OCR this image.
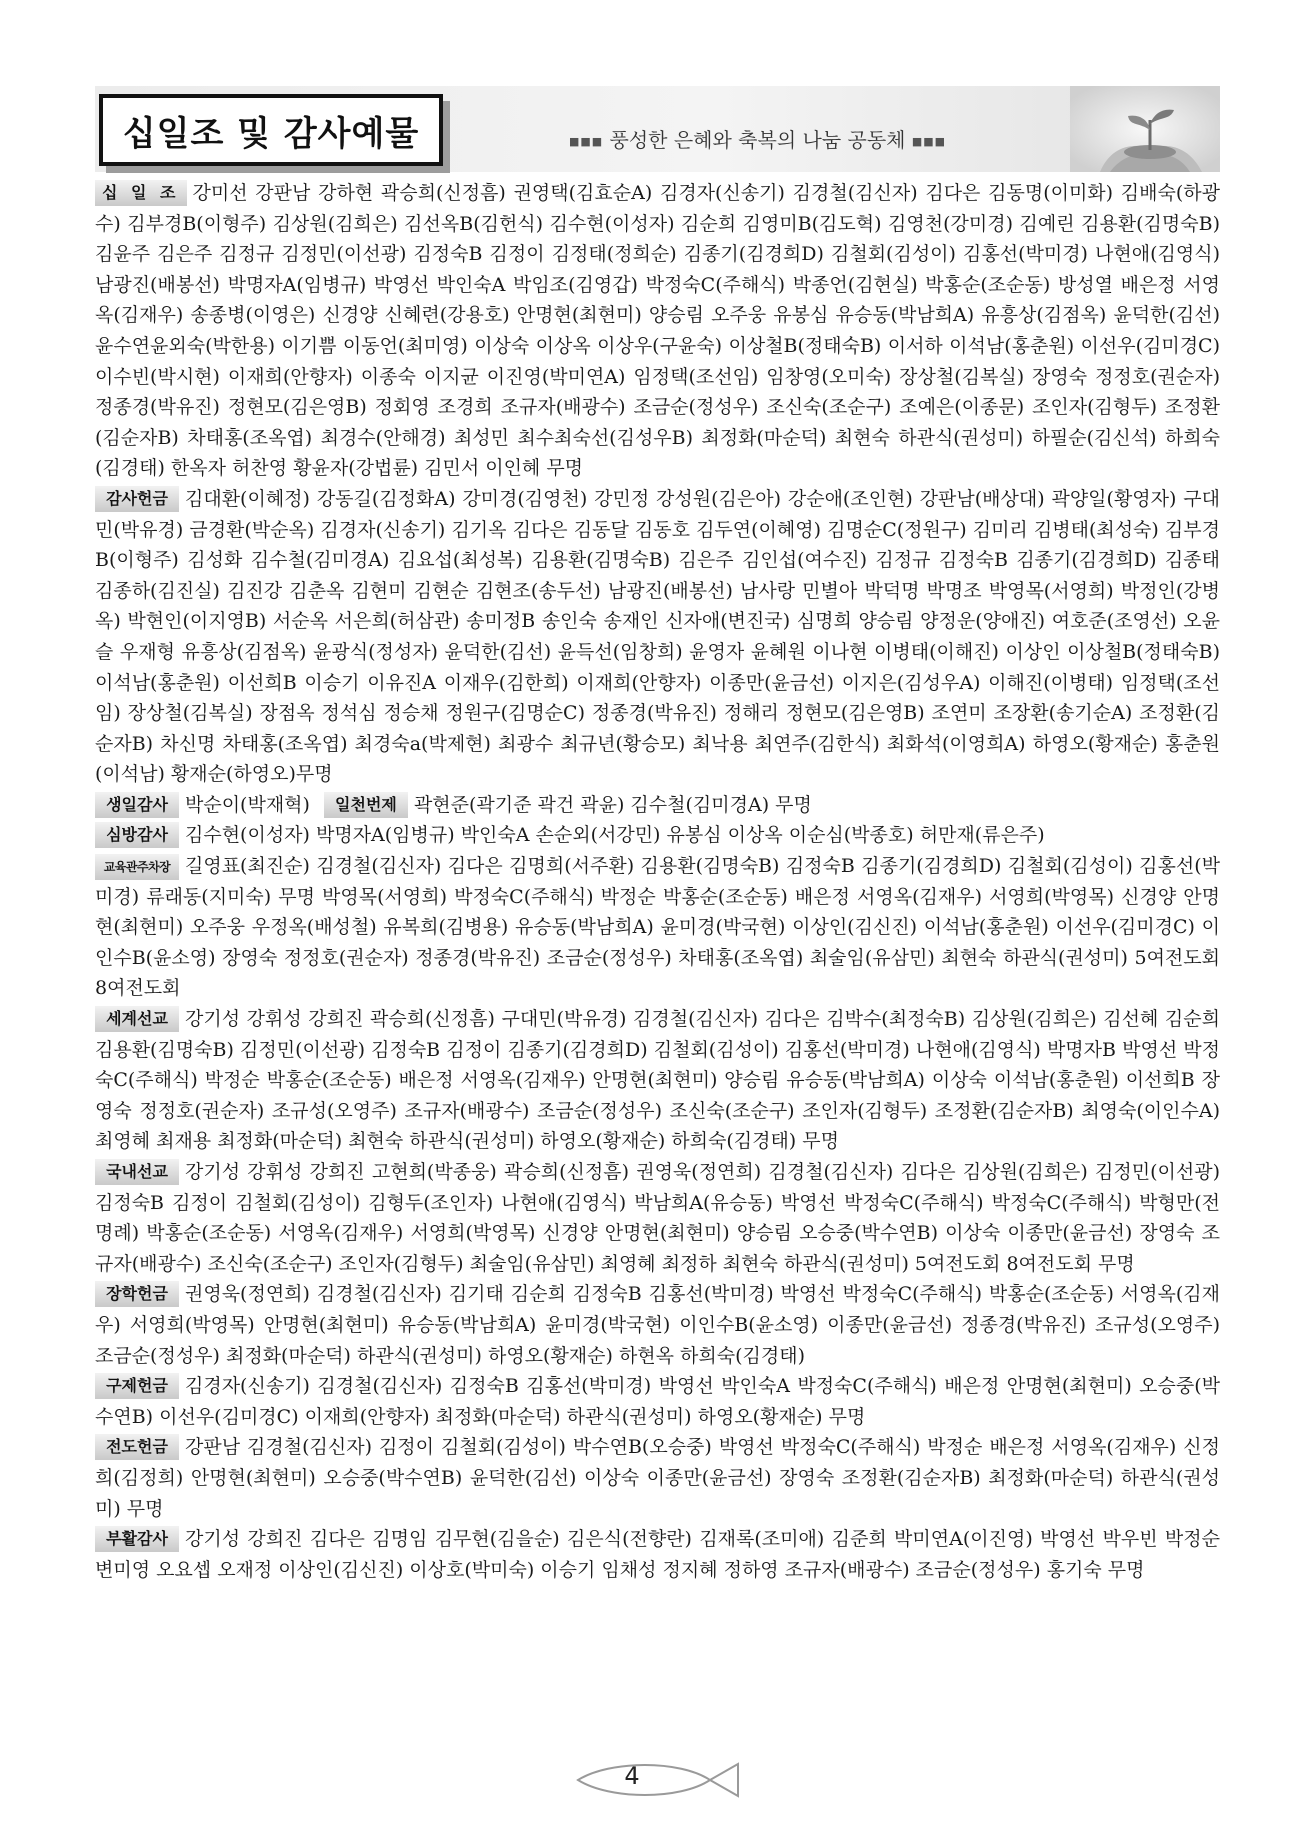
십일조 및 감사예물	■■■ 풍성한 은혜와 축복의 나눔 공동체 ■■■

십 일 조 강미선 강판남 강하현 곽승희(신정흠) 권영택(김효순A) 김경자(신송기) 김경철(김신자) 김다은 김동명(이미화) 김배숙(하광수) 김부경B(이형주) 김상원(김희은) 김선옥B(김헌식) 김수현(이성자) 김순희 김영미B(김도혁) 김영천(강미경) 김예린 김용환(김명숙B) 김윤주 김은주 김정규 김정민(이선광) 김정숙B 김정이 김정태(정희순) 김종기(김경희D) 김철회(김성이) 김홍선(박미경) 나현애(김영식) 남광진(배봉선) 박명자A(임병규) 박영선 박인숙A 박임조(김영갑) 박정숙C(주해식) 박종언(김현실) 박홍순(조순동) 방성열 배은정 서영옥(김재우) 송종병(이영은) 신경양 신혜련(강용호) 안명현(최현미) 양승림 오주웅 유봉심 유승동(박남희A) 유흥상(김점옥) 윤덕한(김선) 윤수연윤외숙(박한용) 이기쁨 이동언(최미영) 이상숙 이상옥 이상우(구윤숙) 이상철B(정태숙B) 이서하 이석남(홍춘원) 이선우(김미경C) 이수빈(박시현) 이재희(안향자) 이종숙 이지균 이진영(박미연A) 임정택(조선임) 임창영(오미숙) 장상철(김복실) 장영숙 정정호(권순자) 정종경(박유진) 정현모(김은영B) 정회영 조경희 조규자(배광수) 조금순(정성우) 조신숙(조순구) 조예은(이종문) 조인자(김형두) 조정환(김순자B) 차태홍(조옥엽) 최경수(안해경) 최성민 최수최숙선(김성우B) 최정화(마순덕) 최현숙 하관식(권성미) 하필순(김신석) 하희숙(김경태) 한옥자 허찬영 황윤자(강법륜) 김민서 이인혜 무명

감사헌금 김대환(이혜정) 강동길(김정화A) 강미경(김영천) 강민정 강성원(김은아) 강순애(조인현) 강판남(배상대) 곽양일(황영자) 구대민(박유경) 금경환(박순옥) 김경자(신송기) 김기옥 김다은 김동달 김동호 김두연(이혜영) 김명순C(정원구) 김미리 김병태(최성숙) 김부경B(이형주) 김성화 김수철(김미경A) 김요섭(최성복) 김용환(김명숙B) 김은주 김인섭(여수진) 김정규 김정숙B 김종기(김경희D) 김종태 김종하(김진실) 김진강 김춘옥 김현미 김현순 김현조(송두선) 남광진(배봉선) 남사랑 민별아 박덕명 박명조 박영목(서영희) 박정인(강병옥) 박현인(이지영B) 서순옥 서은희(허삼관) 송미정B 송인숙 송재인 신자애(변진국) 심명희 양승림 양정운(양애진) 여호준(조영선) 오윤슬 우재형 유흥상(김점옥) 윤광식(정성자) 윤덕한(김선) 윤득선(임창희) 윤영자 윤혜원 이나현 이병태(이해진) 이상인 이상철B(정태숙B) 이석남(홍춘원) 이선희B 이승기 이유진A 이재우(김한희) 이재희(안향자) 이종만(윤금선) 이지은(김성우A) 이해진(이병태) 임정택(조선임) 장상철(김복실) 장점옥 정석심 정승채 정원구(김명순C) 정종경(박유진) 정해리 정현모(김은영B) 조연미 조장환(송기순A) 조정환(김순자B) 차신명 차태홍(조옥엽) 최경숙a(박제현) 최광수 최규년(황승모) 최낙용 최연주(김한식) 최화석(이영희A) 하영오(황재순) 홍춘원(이석남) 황재순(하영오)무명

생일감사 박순이(박재혁) 일천번제 곽현준(곽기준 곽건 곽윤) 김수철(김미경A) 무명

심방감사 김수현(이성자) 박명자A(임병규) 박인숙A 손순외(서강민) 유봉심 이상옥 이순심(박종호) 허만재(류은주)

교육관주차장 길영표(최진순) 김경철(김신자) 김다은 김명희(서주환) 김용환(김명숙B) 김정숙B 김종기(김경희D) 김철회(김성이) 김홍선(박미경) 류래동(지미숙) 무명 박영목(서영희) 박정숙C(주해식) 박정순 박홍순(조순동) 배은정 서영옥(김재우) 서영희(박영목) 신경양 안명현(최현미) 오주웅 우정옥(배성철) 유복희(김병용) 유승동(박남희A) 윤미경(박국현) 이상인(김신진) 이석남(홍춘원) 이선우(김미경C) 이인수B(윤소영) 장영숙 정정호(권순자) 정종경(박유진) 조금순(정성우) 차태홍(조옥엽) 최술임(유삼민) 최현숙 하관식(권성미) 5여전도회 8여전도회

세계선교 강기성 강휘성 강희진 곽승희(신정흠) 구대민(박유경) 김경철(김신자) 김다은 김박수(최정숙B) 김상원(김희은) 김선혜 김순희 김용환(김명숙B) 김정민(이선광) 김정숙B 김정이 김종기(김경희D) 김철회(김성이) 김홍선(박미경) 나현애(김영식) 박명자B 박영선 박정숙C(주해식) 박정순 박홍순(조순동) 배은정 서영옥(김재우) 안명현(최현미) 양승림 유승동(박남희A) 이상숙 이석남(홍춘원) 이선희B 장영숙 정정호(권순자) 조규성(오영주) 조규자(배광수) 조금순(정성우) 조신숙(조순구) 조인자(김형두) 조정환(김순자B) 최영숙(이인수A) 최영혜 최재용 최정화(마순덕) 최현숙 하관식(권성미) 하영오(황재순) 하희숙(김경태) 무명

국내선교 강기성 강휘성 강희진 고현희(박종웅) 곽승희(신정흠) 권영욱(정연희) 김경철(김신자) 김다은 김상원(김희은) 김정민(이선광) 김정숙B 김정이 김철회(김성이) 김형두(조인자) 나현애(김영식) 박남희A(유승동) 박영선 박정숙C(주해식) 박정숙C(주해식) 박형만(전명례) 박홍순(조순동) 서영옥(김재우) 서영희(박영목) 신경양 안명현(최현미) 양승림 오승중(박수연B) 이상숙 이종만(윤금선) 장영숙 조규자(배광수) 조신숙(조순구) 조인자(김형두) 최술임(유삼민) 최영혜 최정하 최현숙 하관식(권성미) 5여전도회 8여전도회 무명

장학헌금 권영욱(정연희) 김경철(김신자) 김기태 김순희 김정숙B 김홍선(박미경) 박영선 박정숙C(주해식) 박홍순(조순동) 서영옥(김재우) 서영희(박영목) 안명현(최현미) 유승동(박남희A) 윤미경(박국현) 이인수B(윤소영) 이종만(윤금선) 정종경(박유진) 조규성(오영주) 조금순(정성우) 최정화(마순덕) 하관식(권성미) 하영오(황재순) 하현옥 하희숙(김경태)

구제헌금 김경자(신송기) 김경철(김신자) 김정숙B 김홍선(박미경) 박영선 박인숙A 박정숙C(주해식) 배은정 안명현(최현미) 오승중(박수연B) 이선우(김미경C) 이재희(안향자) 최정화(마순덕) 하관식(권성미) 하영오(황재순) 무명

전도헌금 강판남 김경철(김신자) 김정이 김철회(김성이) 박수연B(오승중) 박영선 박정숙C(주해식) 박정순 배은정 서영옥(김재우) 신정희(김정희) 안명현(최현미) 오승중(박수연B) 윤덕한(김선) 이상숙 이종만(윤금선) 장영숙 조정환(김순자B) 최정화(마순덕) 하관식(권성미) 무명

부활감사 강기성 강희진 김다은 김명임 김무현(김을순) 김은식(전향란) 김재록(조미애) 김준희 박미연A(이진영) 박영선 박우빈 박정순 변미영 오요셉 오재정 이상인(김신진) 이상호(박미숙) 이승기 임채성 정지혜 정하영 조규자(배광수) 조금순(정성우) 홍기숙 무명

4
